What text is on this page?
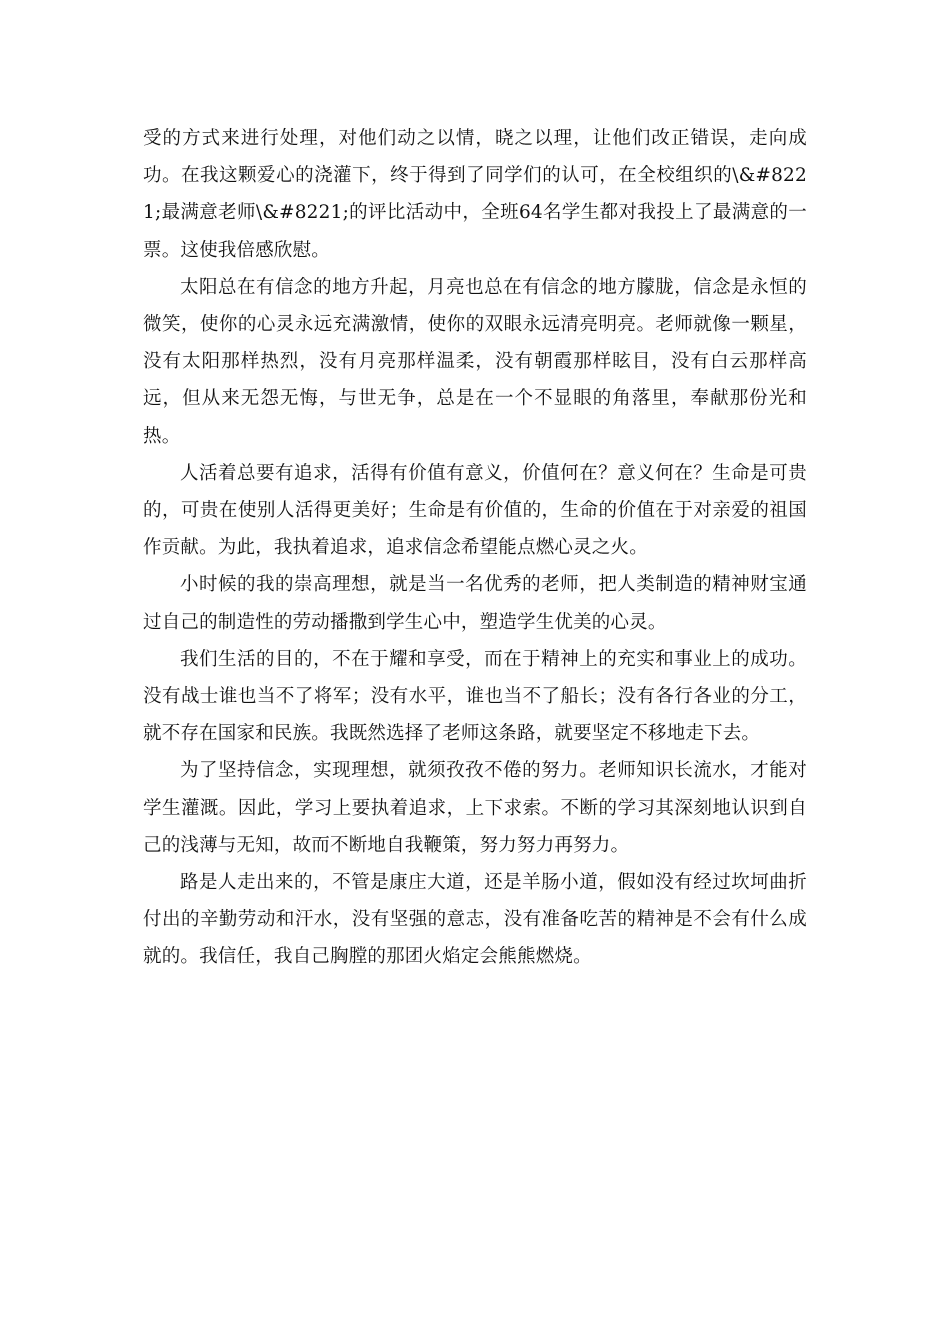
受的方式来进行处理，对他们动之以情，晓之以理，让他们改正错误，走向成功。在我这颗爱心的浇灌下，终于得到了同学们的认可，在全校组织的\&#8221;最满意老师\&#8221;的评比活动中，全班64名学生都对我投上了最满意的一票。这使我倍感欣慰。

太阳总在有信念的地方升起，月亮也总在有信念的地方朦胧，信念是永恒的微笑，使你的心灵永远充满激情，使你的双眼永远清亮明亮。老师就像一颗星，没有太阳那样热烈，没有月亮那样温柔，没有朝霞那样眩目，没有白云那样高远，但从来无怨无悔，与世无争，总是在一个不显眼的角落里，奉献那份光和热。

人活着总要有追求，活得有价值有意义，价值何在？意义何在？生命是可贵的，可贵在使别人活得更美好；生命是有价值的，生命的价值在于对亲爱的祖国作贡献。为此，我执着追求，追求信念希望能点燃心灵之火。

小时候的我的崇高理想，就是当一名优秀的老师，把人类制造的精神财宝通过自己的制造性的劳动播撒到学生心中，塑造学生优美的心灵。

我们生活的目的，不在于耀和享受，而在于精神上的充实和事业上的成功。没有战士谁也当不了将军；没有水平，谁也当不了船长；没有各行各业的分工，就不存在国家和民族。我既然选择了老师这条路，就要坚定不移地走下去。

为了坚持信念，实现理想，就须孜孜不倦的努力。老师知识长流水，才能对学生灌溉。因此，学习上要执着追求，上下求索。不断的学习其深刻地认识到自己的浅薄与无知，故而不断地自我鞭策，努力努力再努力。

路是人走出来的，不管是康庄大道，还是羊肠小道，假如没有经过坎坷曲折付出的辛勤劳动和汗水，没有坚强的意志，没有准备吃苦的精神是不会有什么成就的。我信任，我自己胸膛的那团火焰定会熊熊燃烧。
